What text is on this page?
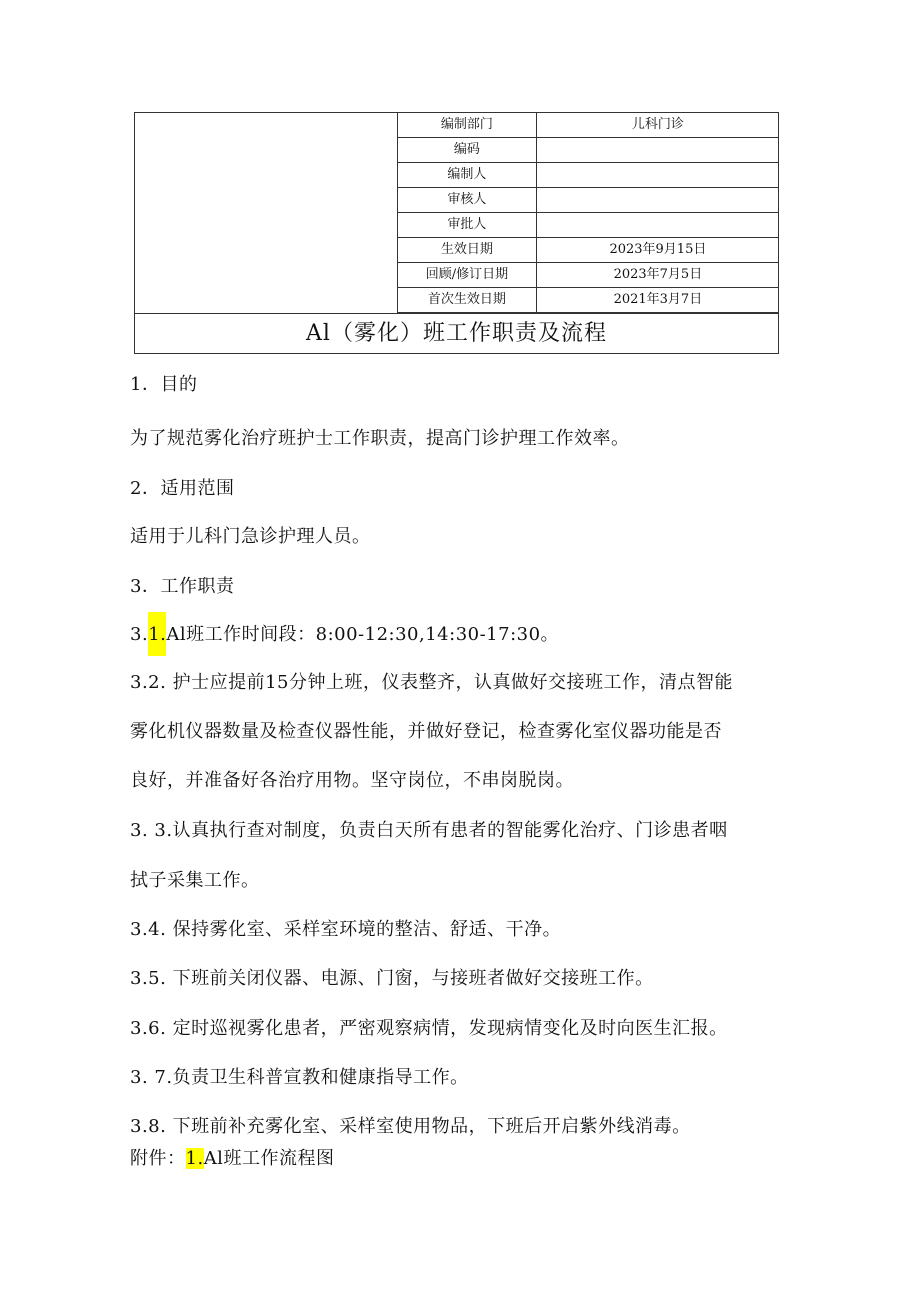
编制部门	儿科门诊
编码	
编制人	
审核人	
审批人	
生效日期	2023年9月15日
回顾/修订日期	2023年7月5日
首次生效日期	2021年3月7日
Al（雾化）班工作职责及流程
1．目的
为了规范雾化治疗班护士工作职责，提高门诊护理工作效率。
2．适用范围
适用于儿科门急诊护理人员。
3．工作职责
3.1.Al班工作时间段：8:00-12:30,14:30-17:30。
3.2. 护士应提前15分钟上班，仪表整齐，认真做好交接班工作，清点智能
雾化机仪器数量及检查仪器性能，并做好登记，检查雾化室仪器功能是否
良好，并准备好各治疗用物。坚守岗位，不串岗脱岗。
3. 3.认真执行查对制度，负责白天所有患者的智能雾化治疗、门诊患者咽
拭子采集工作。
3.4. 保持雾化室、采样室环境的整洁、舒适、干净。
3.5. 下班前关闭仪器、电源、门窗，与接班者做好交接班工作。
3.6. 定时巡视雾化患者，严密观察病情，发现病情变化及时向医生汇报。
3. 7.负责卫生科普宣教和健康指导工作。
3.8. 下班前补充雾化室、采样室使用物品，下班后开启紫外线消毒。
附件：1.Al班工作流程图
